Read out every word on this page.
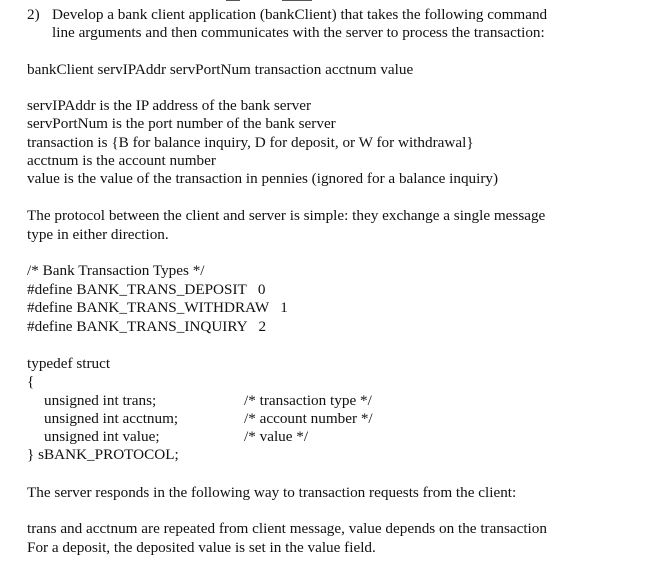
2) Develop a bank client application (bankClient) that takes the following command

line arguments and then communicates with the server to process the transaction:

bankClient servIPAddr servPortNum transaction acctnum value

servIPAddr is the IP address of the bank server

servPortNum is the port number of the bank server

transaction is {B for balance inquiry, D for deposit, or W for withdrawal}

acctnum is the account number

value is the value of the transaction in pennies (ignored for a balance inquiry)

The protocol between the client and server is simple: they exchange a single message

type in either direction.

/* Bank Transaction Types */

#define BANK_TRANS_DEPOSIT   0

#define BANK_TRANS_WITHDRAW   1

#define BANK_TRANS_INQUIRY   2

typedef struct

{

unsigned int trans;	/* transaction type */

unsigned int acctnum;	/* account number */

unsigned int value;	/* value */

} sBANK_PROTOCOL;

The server responds in the following way to transaction requests from the client:

trans and acctnum are repeated from client message, value depends on the transaction

For a deposit, the deposited value is set in the value field.
